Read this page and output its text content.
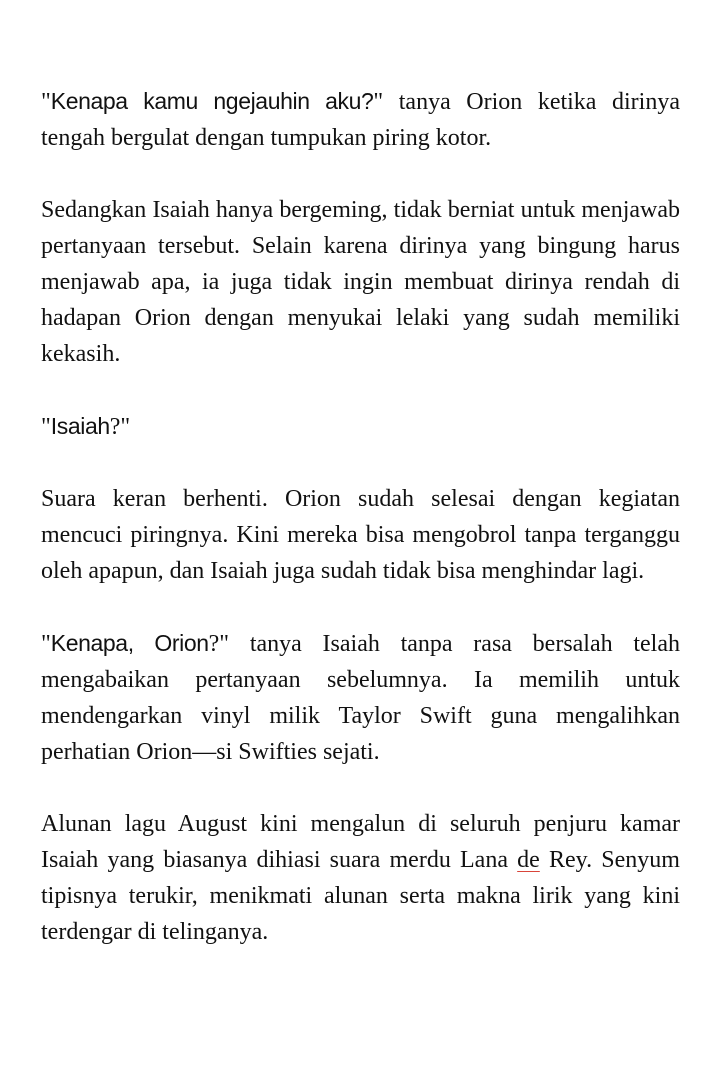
"Kenapa kamu ngejauhin aku?" tanya Orion ketika dirinya tengah bergulat dengan tumpukan piring kotor.

Sedangkan Isaiah hanya bergeming, tidak berniat untuk menjawab pertanyaan tersebut. Selain karena dirinya yang bingung harus menjawab apa, ia juga tidak ingin membuat dirinya rendah di hadapan Orion dengan menyukai lelaki yang sudah memiliki kekasih.

"Isaiah?"

Suara keran berhenti. Orion sudah selesai dengan kegiatan mencuci piringnya. Kini mereka bisa mengobrol tanpa terganggu oleh apapun, dan Isaiah juga sudah tidak bisa menghindar lagi.

"Kenapa, Orion?" tanya Isaiah tanpa rasa bersalah telah mengabaikan pertanyaan sebelumnya. Ia memilih untuk mendengarkan vinyl milik Taylor Swift guna mengalihkan perhatian Orion—si Swifties sejati.

Alunan lagu August kini mengalun di seluruh penjuru kamar Isaiah yang biasanya dihiasi suara merdu Lana de Rey. Senyum tipisnya terukir, menikmati alunan serta makna lirik yang kini terdengar di telinganya.
